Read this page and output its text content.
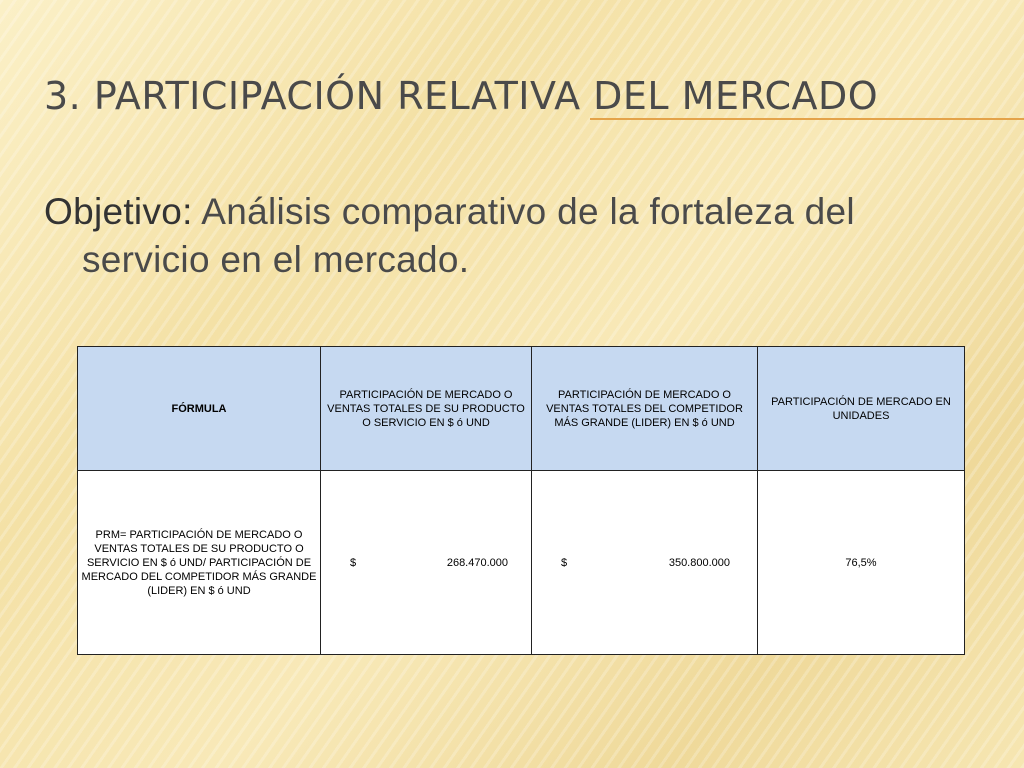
3. PARTICIPACIÓN RELATIVA DEL MERCADO
Objetivo: Análisis comparativo de la fortaleza del
servicio en el mercado.
FÓRMULA	PARTICIPACIÓN DE MERCADO O VENTAS TOTALES DE SU PRODUCTO O SERVICIO EN $ ó UND	PARTICIPACIÓN DE MERCADO O VENTAS TOTALES DEL COMPETIDOR MÁS GRANDE (LIDER) EN $ ó UND	PARTICIPACIÓN DE MERCADO EN UNIDADES
PRM= PARTICIPACIÓN DE MERCADO O VENTAS TOTALES DE SU PRODUCTO O SERVICIO EN $ ó UND/ PARTICIPACIÓN DE MERCADO DEL COMPETIDOR MÁS GRANDE (LIDER) EN $ ó UND	$ 268.470.000	$ 350.800.000	76,5%
